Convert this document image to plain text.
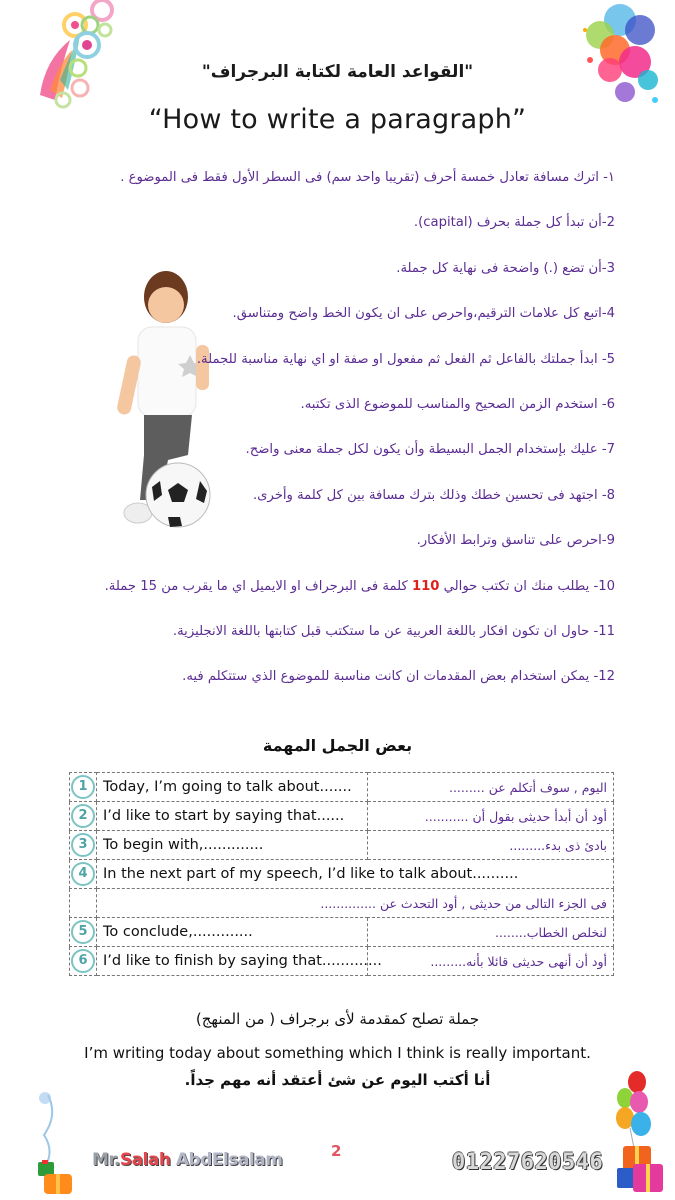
"القواعد العامة لكتابة البرجراف"
“How to write a paragraph”
١- اترك مسافة تعادل خمسة أحرف (تقريبا واحد سم) فى السطر الأول فقط فى الموضوع .
2-أن تبدأ كل جملة بحرف (capital).
3-أن تضع (.) واضحة فى نهاية كل جملة.
4-اتبع كل علامات الترقيم،واحرص على ان يكون الخط واضح ومتناسق.
5- ابدأ جملتك بالفاعل ثم الفعل ثم مفعول او صفة او اي نهاية مناسبة للجملة.
6- استخدم الزمن الصحيح والمناسب للموضوع الذى تكتبه.
7- عليك بإستخدام الجمل البسيطة وأن يكون لكل جملة معنى واضح.
8- اجتهد فى تحسين خطك وذلك بترك مسافة بين كل كلمة وأخرى.
9-احرص على تناسق وترابط الأفكار.
10- يطلب منك ان تكتب حوالي 110 كلمة فى البرجراف او الايميل اي ما يقرب من 15 جملة.
11- حاول ان تكون افكار باللغة العربية عن ما ستكتب قبل كتابتها باللغة الانجليزية.
12- يمكن استخدام بعض المقدمات ان كانت مناسبة للموضوع الذي ستتكلم فيه.
بعض الجمل المهمة
1	Today, I’m going to talk about.......	اليوم , سوف أتكلم عن .........
2	I’d like to start by saying that......	أود أن أبدأ حديثى بقول أن ...........
3	To begin with,.............	بادئ ذى بدء.........
4	In the next part of my speech, I’d like to talk about..........	
	فى الجزء التالى من حديثى , أود التحدث عن ..............	
5	To conclude,.............	لنخلص الخطاب........
6	I’d like to finish by saying that.............	أود أن أنهى حديثى قائلا بأنه.........
جملة تصلح كمقدمة لأى برجراف ( من المنهج)
I’m writing today about something which I think is really important.
أنا أكتب اليوم عن شئ أعتقد أنه مهم جداً.
Mr.Salah AbdElsalam	2	01227620546
